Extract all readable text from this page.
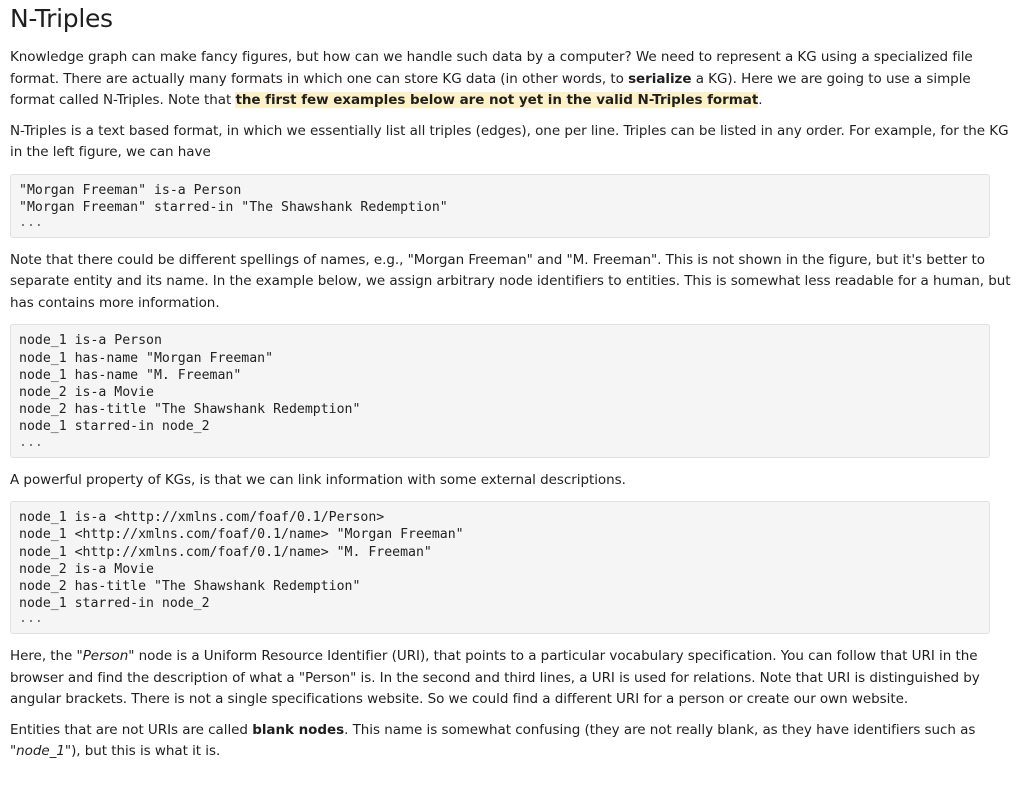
N-Triples

Knowledge graph can make fancy figures, but how can we handle such data by a computer? We need to represent a KG using a specialized file format. There are actually many formats in which one can store KG data (in other words, to serialize a KG). Here we are going to use a simple format called N-Triples. Note that the first few examples below are not yet in the valid N-Triples format.

N-Triples is a text based format, in which we essentially list all triples (edges), one per line. Triples can be listed in any order. For example, for the KG in the left figure, we can have

"Morgan Freeman" is-a Person
"Morgan Freeman" starred-in "The Shawshank Redemption"
...

Note that there could be different spellings of names, e.g., "Morgan Freeman" and "M. Freeman". This is not shown in the figure, but it's better to separate entity and its name. In the example below, we assign arbitrary node identifiers to entities. This is somewhat less readable for a human, but has contains more information.

node_1 is-a Person
node_1 has-name "Morgan Freeman"
node_1 has-name "M. Freeman"
node_2 is-a Movie
node_2 has-title "The Shawshank Redemption"
node_1 starred-in node_2
...

A powerful property of KGs, is that we can link information with some external descriptions.

node_1 is-a <http://xmlns.com/foaf/0.1/Person>
node_1 <http://xmlns.com/foaf/0.1/name> "Morgan Freeman"
node_1 <http://xmlns.com/foaf/0.1/name> "M. Freeman"
node_2 is-a Movie
node_2 has-title "The Shawshank Redemption"
node_1 starred-in node_2
...

Here, the "Person" node is a Uniform Resource Identifier (URI), that points to a particular vocabulary specification. You can follow that URI in the browser and find the description of what a "Person" is. In the second and third lines, a URI is used for relations. Note that URI is distinguished by angular brackets. There is not a single specifications website. So we could find a different URI for a person or create our own website.

Entities that are not URIs are called blank nodes. This name is somewhat confusing (they are not really blank, as they have identifiers such as "node_1"), but this is what it is.
